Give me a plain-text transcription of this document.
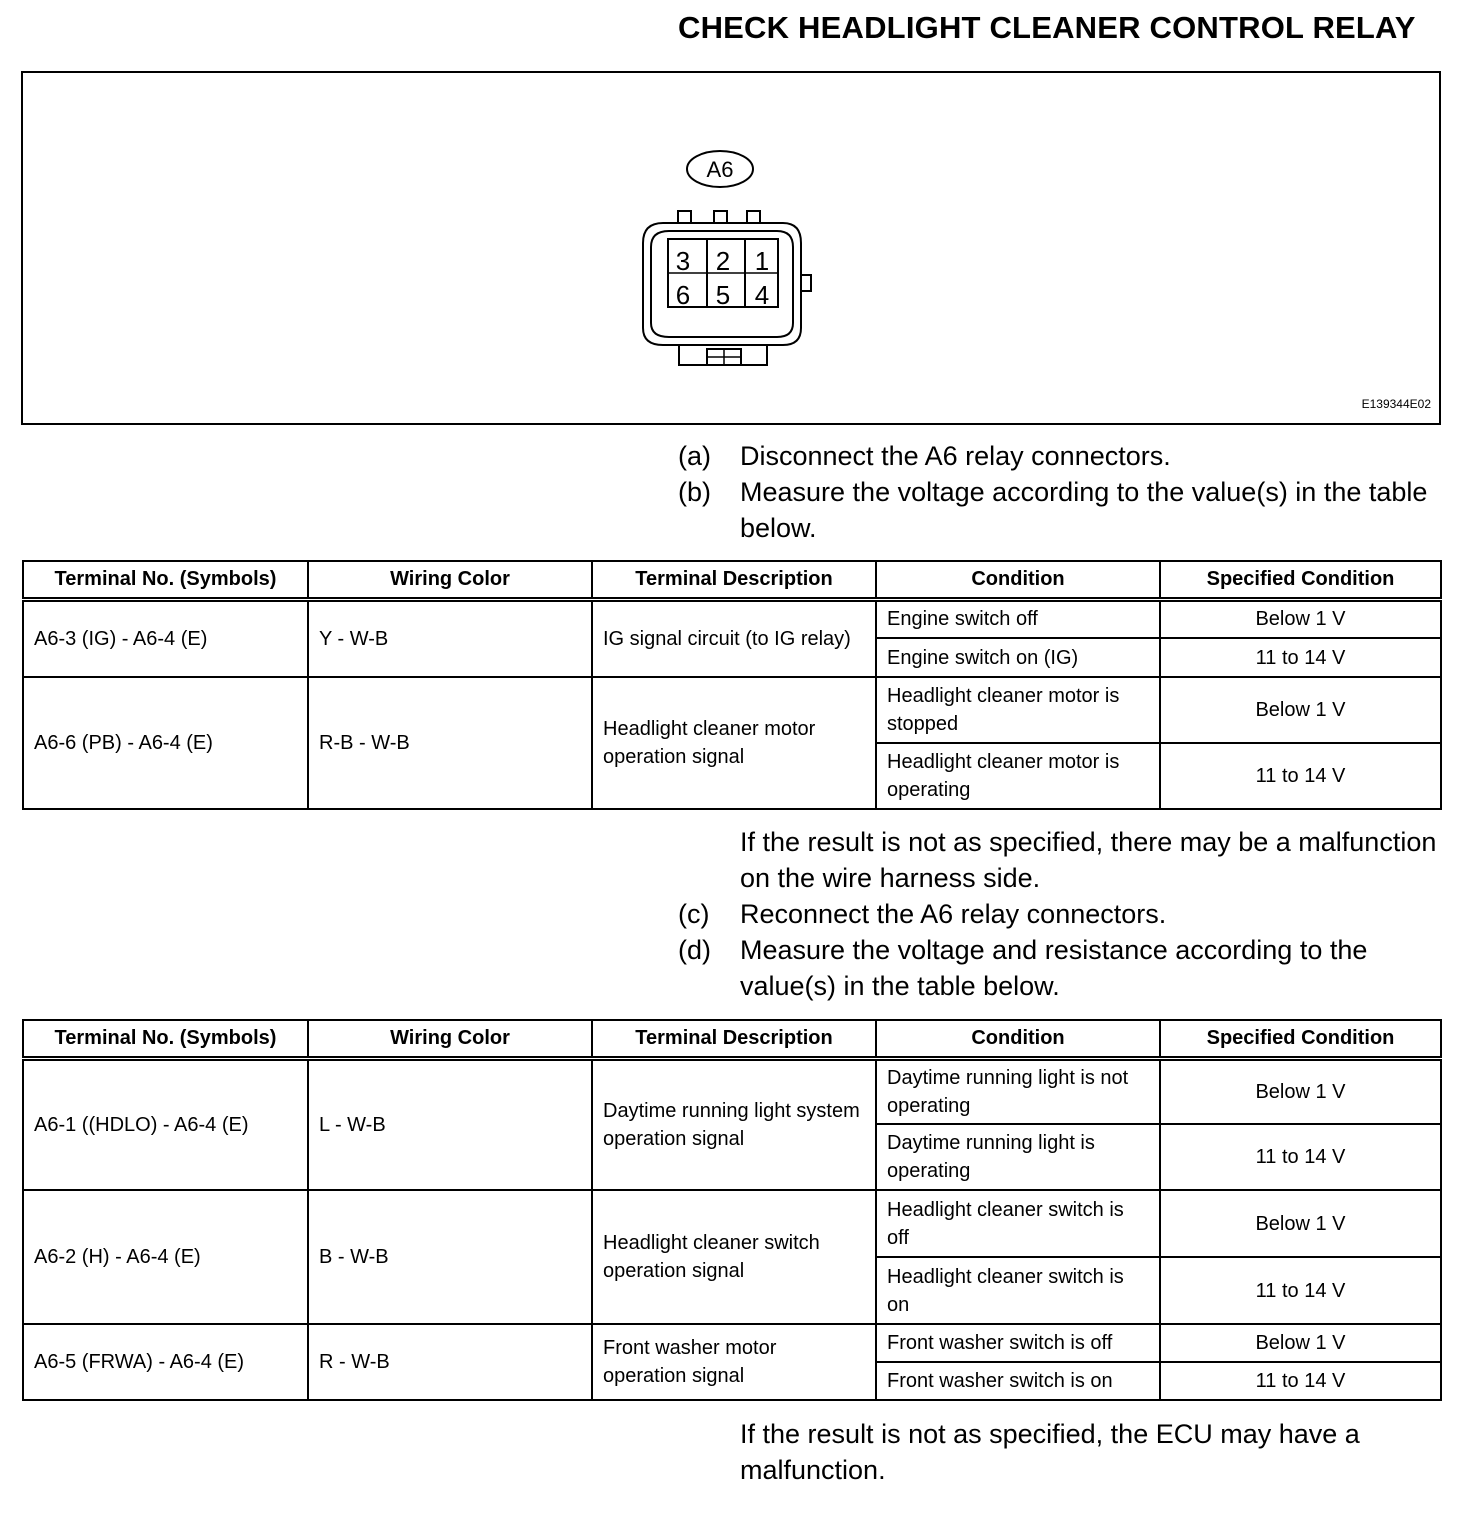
CHECK HEADLIGHT CLEANER CONTROL RELAY
A6
3 2 1
6 5 4
E139344E02
(a)	Disconnect the A6 relay connectors.
(b)	Measure the voltage according to the value(s) in the table below.
Terminal No. (Symbols)	Wiring Color	Terminal Description	Condition	Specified Condition
A6-3 (IG) - A6-4 (E)	Y - W-B	IG signal circuit (to IG relay)	Engine switch off	Below 1 V
			Engine switch on (IG)	11 to 14 V
A6-6 (PB) - A6-4 (E)	R-B - W-B	Headlight cleaner motor operation signal	Headlight cleaner motor is stopped	Below 1 V
			Headlight cleaner motor is operating	11 to 14 V
If the result is not as specified, there may be a malfunction on the wire harness side.
(c)	Reconnect the A6 relay connectors.
(d)	Measure the voltage and resistance according to the value(s) in the table below.
Terminal No. (Symbols)	Wiring Color	Terminal Description	Condition	Specified Condition
A6-1 ((HDLO) - A6-4 (E)	L - W-B	Daytime running light system operation signal	Daytime running light is not operating	Below 1 V
			Daytime running light is operating	11 to 14 V
A6-2 (H) - A6-4 (E)	B - W-B	Headlight cleaner switch operation signal	Headlight cleaner switch is off	Below 1 V
			Headlight cleaner switch is on	11 to 14 V
A6-5 (FRWA) - A6-4 (E)	R - W-B	Front washer motor operation signal	Front washer switch is off	Below 1 V
			Front washer switch is on	11 to 14 V
If the result is not as specified, the ECU may have a malfunction.
